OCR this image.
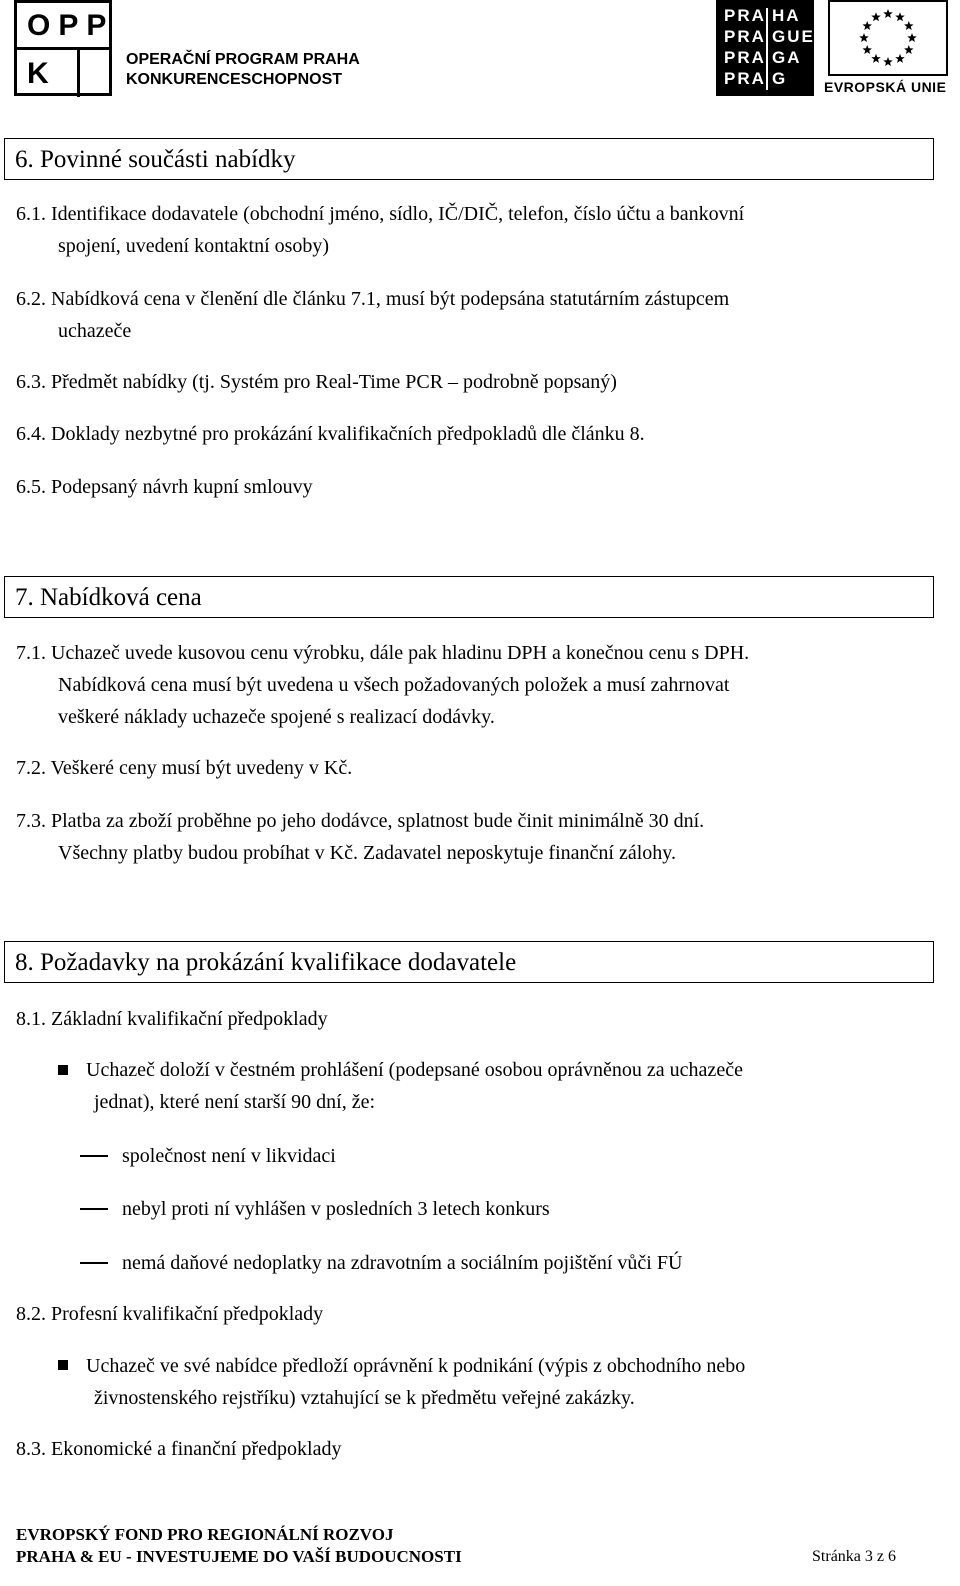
OPP
K	OPERAČNÍ PROGRAM PRAHA
KONKURENCESCHOPNOST
PRA HA
PRA GUE
PRA GA
PRA G	EVROPSKÁ UNIE
6. Povinné součásti nabídky
6.1. Identifikace dodavatele (obchodní jméno, sídlo, IČ/DIČ, telefon, číslo účtu a bankovní
spojení, uvedení kontaktní osoby)
6.2. Nabídková cena v členění dle článku 7.1, musí být podepsána statutárním zástupcem
uchazeče
6.3. Předmět nabídky (tj. Systém pro Real-Time PCR – podrobně popsaný)
6.4. Doklady nezbytné pro prokázání kvalifikačních předpokladů dle článku 8.
6.5. Podepsaný návrh kupní smlouvy
7. Nabídková cena
7.1. Uchazeč uvede kusovou cenu výrobku, dále pak hladinu DPH a konečnou cenu s DPH.
Nabídková cena musí být uvedena u všech požadovaných položek a musí zahrnovat
veškeré náklady uchazeče spojené s realizací dodávky.
7.2. Veškeré ceny musí být uvedeny v Kč.
7.3. Platba za zboží proběhne po jeho dodávce, splatnost bude činit minimálně 30 dní.
Všechny platby budou probíhat v Kč. Zadavatel neposkytuje finanční zálohy.
8. Požadavky na prokázání kvalifikace dodavatele
8.1. Základní kvalifikační předpoklady
Uchazeč doloží v čestném prohlášení (podepsané osobou oprávněnou za uchazeče
jednat), které není starší 90 dní, že:
společnost není v likvidaci
nebyl proti ní vyhlášen v posledních 3 letech konkurs
nemá daňové nedoplatky na zdravotním a sociálním pojištění vůči FÚ
8.2. Profesní kvalifikační předpoklady
Uchazeč ve své nabídce předloží oprávnění k podnikání (výpis z obchodního nebo
živnostenského rejstříku) vztahující se k předmětu veřejné zakázky.
8.3. Ekonomické a finanční předpoklady
EVROPSKÝ FOND PRO REGIONÁLNÍ ROZVOJ
PRAHA & EU - INVESTUJEME DO VAŠÍ BUDOUCNOSTI	Stránka 3 z 6
